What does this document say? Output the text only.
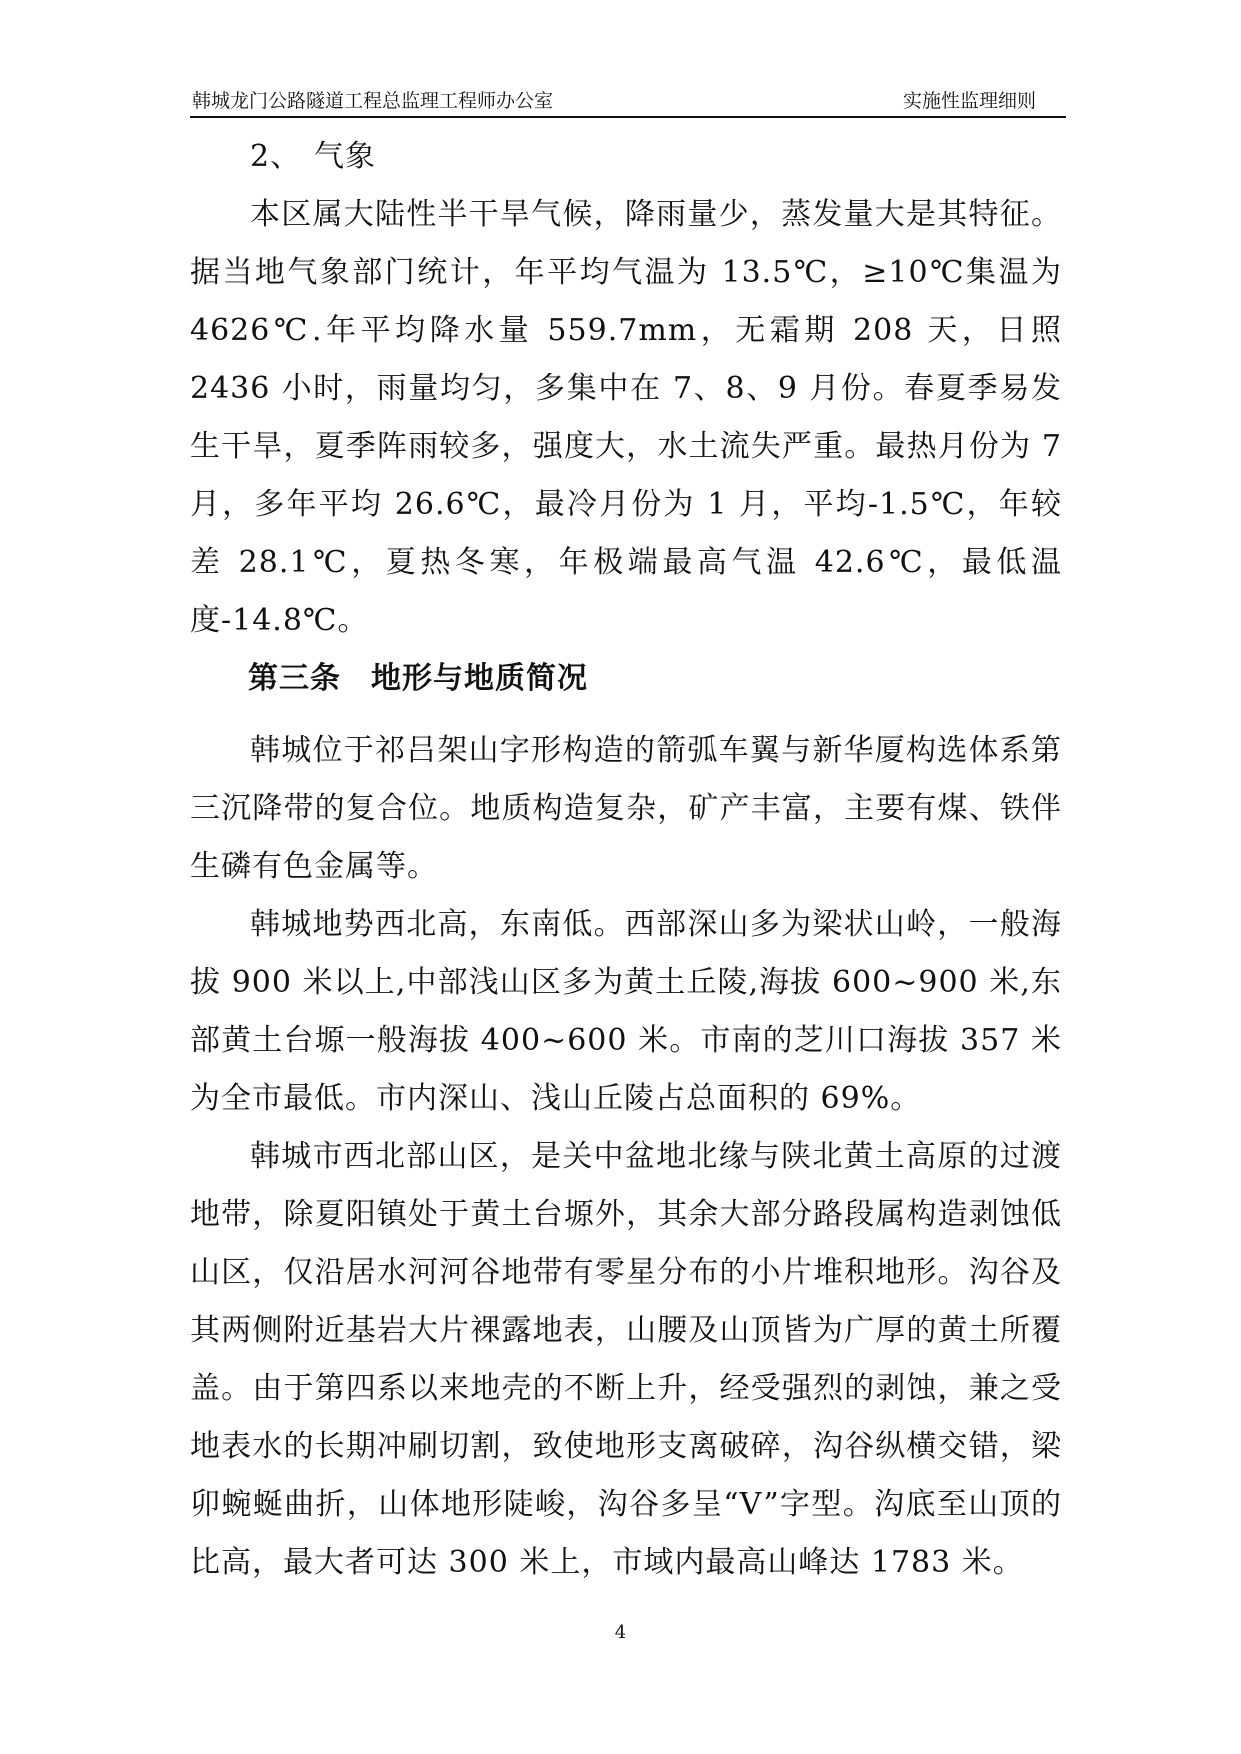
韩城龙门公路隧道工程总监理工程师办公室	实施性监理细则
2、 气象

本区属大陆性半干旱气候，降雨量少，蒸发量大是其特征。据当地气象部门统计，年平均气温为 13.5℃，≥10℃集温为 4626℃.年平均降水量 559.7mm，无霜期 208 天，日照 2436 小时，雨量均匀，多集中在 7、8、9 月份。春夏季易发生干旱，夏季阵雨较多，强度大，水土流失严重。最热月份为 7 月，多年平均 26.6℃，最冷月份为 1 月，平均-1.5℃，年较差 28.1℃，夏热冬寒，年极端最高气温 42.6℃，最低温度-14.8℃。

第三条 地形与地质简况

韩城位于祁吕架山字形构造的箭弧车翼与新华厦构选体系第三沉降带的复合位。地质构造复杂，矿产丰富，主要有煤、铁伴生磷有色金属等。

韩城地势西北高，东南低。西部深山多为梁状山岭，一般海拔 900 米以上,中部浅山区多为黄土丘陵,海拔 600~900 米,东部黄土台塬一般海拔 400~600 米。市南的芝川口海拔 357 米为全市最低。市内深山、浅山丘陵占总面积的 69%。

韩城市西北部山区，是关中盆地北缘与陕北黄土高原的过渡地带，除夏阳镇处于黄土台塬外，其余大部分路段属构造剥蚀低山区，仅沿居水河河谷地带有零星分布的小片堆积地形。沟谷及其两侧附近基岩大片裸露地表，山腰及山顶皆为广厚的黄土所覆盖。由于第四系以来地壳的不断上升，经受强烈的剥蚀，兼之受地表水的长期冲刷切割，致使地形支离破碎，沟谷纵横交错，梁卯蜿蜒曲折，山体地形陡峻，沟谷多呈“V”字型。沟底至山顶的比高，最大者可达 300 米上，市域内最高山峰达 1783 米。

4
